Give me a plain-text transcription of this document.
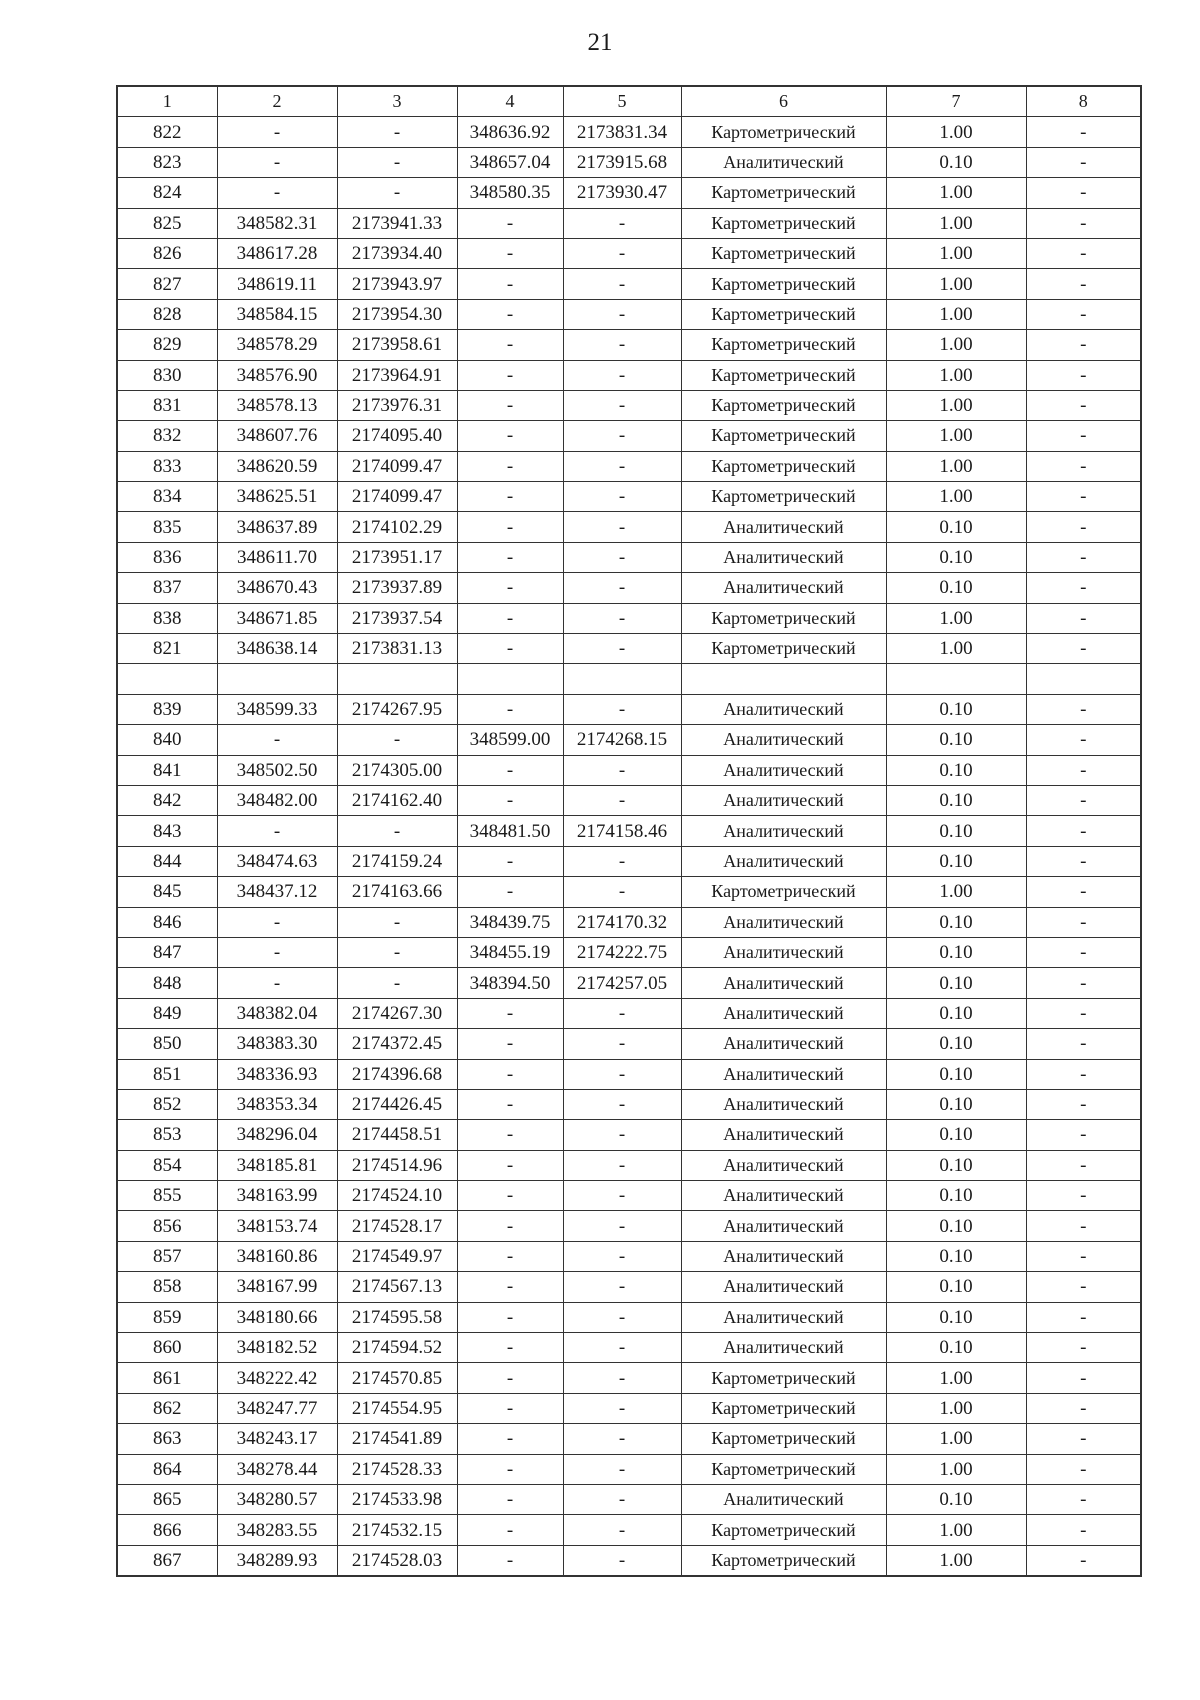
21
1	2	3	4	5	6	7	8
822	-	-	348636.92	2173831.34	Картометрический	1.00	-
823	-	-	348657.04	2173915.68	Аналитический	0.10	-
824	-	-	348580.35	2173930.47	Картометрический	1.00	-
825	348582.31	2173941.33	-	-	Картометрический	1.00	-
826	348617.28	2173934.40	-	-	Картометрический	1.00	-
827	348619.11	2173943.97	-	-	Картометрический	1.00	-
828	348584.15	2173954.30	-	-	Картометрический	1.00	-
829	348578.29	2173958.61	-	-	Картометрический	1.00	-
830	348576.90	2173964.91	-	-	Картометрический	1.00	-
831	348578.13	2173976.31	-	-	Картометрический	1.00	-
832	348607.76	2174095.40	-	-	Картометрический	1.00	-
833	348620.59	2174099.47	-	-	Картометрический	1.00	-
834	348625.51	2174099.47	-	-	Картометрический	1.00	-
835	348637.89	2174102.29	-	-	Аналитический	0.10	-
836	348611.70	2173951.17	-	-	Аналитический	0.10	-
837	348670.43	2173937.89	-	-	Аналитический	0.10	-
838	348671.85	2173937.54	-	-	Картометрический	1.00	-
821	348638.14	2173831.13	-	-	Картометрический	1.00	-

839	348599.33	2174267.95	-	-	Аналитический	0.10	-
840	-	-	348599.00	2174268.15	Аналитический	0.10	-
841	348502.50	2174305.00	-	-	Аналитический	0.10	-
842	348482.00	2174162.40	-	-	Аналитический	0.10	-
843	-	-	348481.50	2174158.46	Аналитический	0.10	-
844	348474.63	2174159.24	-	-	Аналитический	0.10	-
845	348437.12	2174163.66	-	-	Картометрический	1.00	-
846	-	-	348439.75	2174170.32	Аналитический	0.10	-
847	-	-	348455.19	2174222.75	Аналитический	0.10	-
848	-	-	348394.50	2174257.05	Аналитический	0.10	-
849	348382.04	2174267.30	-	-	Аналитический	0.10	-
850	348383.30	2174372.45	-	-	Аналитический	0.10	-
851	348336.93	2174396.68	-	-	Аналитический	0.10	-
852	348353.34	2174426.45	-	-	Аналитический	0.10	-
853	348296.04	2174458.51	-	-	Аналитический	0.10	-
854	348185.81	2174514.96	-	-	Аналитический	0.10	-
855	348163.99	2174524.10	-	-	Аналитический	0.10	-
856	348153.74	2174528.17	-	-	Аналитический	0.10	-
857	348160.86	2174549.97	-	-	Аналитический	0.10	-
858	348167.99	2174567.13	-	-	Аналитический	0.10	-
859	348180.66	2174595.58	-	-	Аналитический	0.10	-
860	348182.52	2174594.52	-	-	Аналитический	0.10	-
861	348222.42	2174570.85	-	-	Картометрический	1.00	-
862	348247.77	2174554.95	-	-	Картометрический	1.00	-
863	348243.17	2174541.89	-	-	Картометрический	1.00	-
864	348278.44	2174528.33	-	-	Картометрический	1.00	-
865	348280.57	2174533.98	-	-	Аналитический	0.10	-
866	348283.55	2174532.15	-	-	Картометрический	1.00	-
867	348289.93	2174528.03	-	-	Картометрический	1.00	-
